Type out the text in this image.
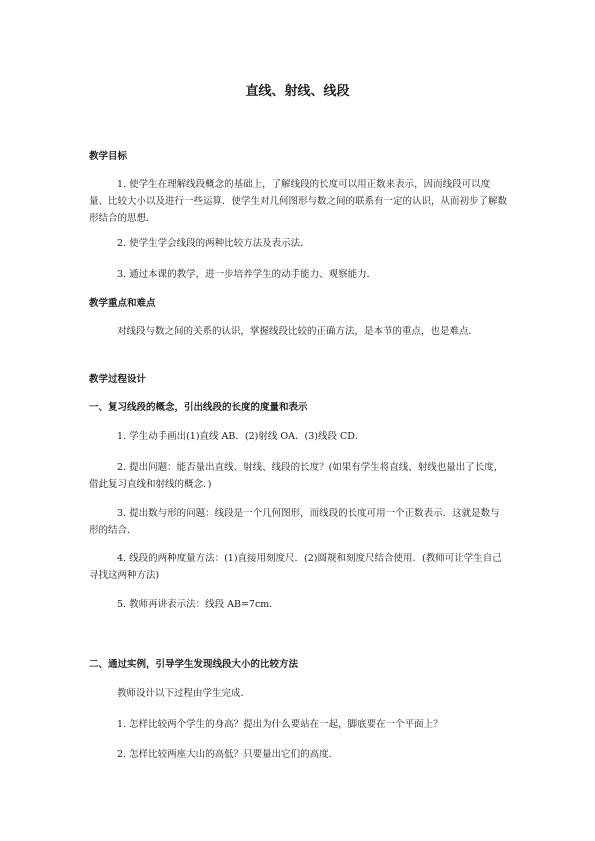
直线、射线、线段
教学目标

1. 使学生在理解线段概念的基础上，了解线段的长度可以用正数来表示，因而线段可以度量、比较大小以及进行一些运算．使学生对几何图形与数之间的联系有一定的认识，从而初步了解数形结合的思想．

2. 使学生学会线段的两种比较方法及表示法．

3. 通过本课的教学，进一步培养学生的动手能力、观察能力．

教学重点和难点

对线段与数之间的关系的认识，掌握线段比较的正确方法，是本节的重点，也是难点．

教学过程设计
一、复习线段的概念，引出线段的长度的度量和表示

1. 学生动手画出(1)直线 AB．(2)射线 OA．(3)线段 CD．

2. 提出问题：能否量出直线、射线、线段的长度？(如果有学生将直线、射线也量出了长度，借此复习直线和射线的概念．)

3. 提出数与形的问题：线段是一个几何图形，而线段的长度可用一个正数表示．这就是数与形的结合．

4. 线段的两种度量方法：(1)直接用刻度尺．(2)圆规和刻度尺结合使用．(教师可让学生自己寻找这两种方法)

5. 教师再讲表示法：线段 AB=7cm．

二、通过实例，引导学生发现线段大小的比较方法

教师设计以下过程由学生完成．

1. 怎样比较两个学生的身高？提出为什么要站在一起，脚底要在一个平面上？

2. 怎样比较两座大山的高低？只要量出它们的高度．
